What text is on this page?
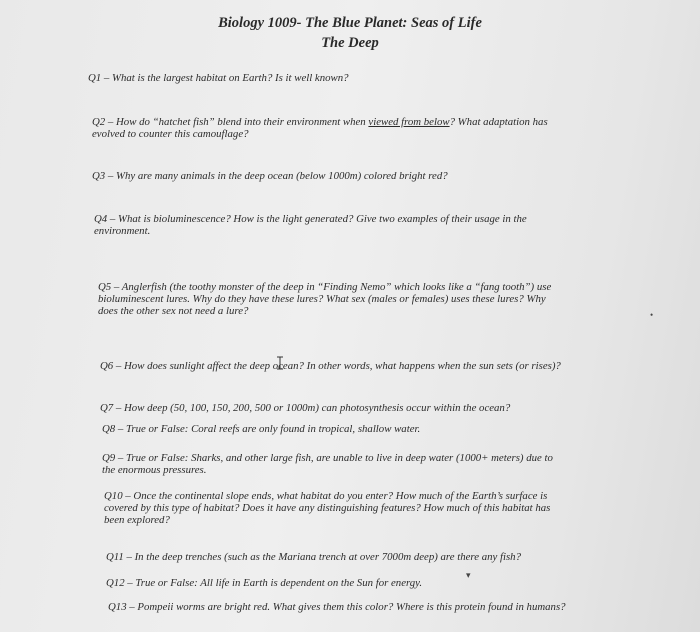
Biology 1009- The Blue Planet: Seas of Life
The Deep
Q1 – What is the largest habitat on Earth? Is it well known?
Q2 – How do “hatchet fish” blend into their environment when viewed from below? What adaptation has
evolved to counter this camouflage?
Q3 – Why are many animals in the deep ocean (below 1000m) colored bright red?
Q4 – What is bioluminescence? How is the light generated? Give two examples of their usage in the
environment.
Q5 – Anglerfish (the toothy monster of the deep in “Finding Nemo” which looks like a “fang tooth”) use
bioluminescent lures. Why do they have these lures? What sex (males or females) uses these lures? Why
does the other sex not need a lure?
Q6 – How does sunlight affect the deep ocean? In other words, what happens when the sun sets (or rises)?
Q7 – How deep (50, 100, 150, 200, 500 or 1000m) can photosynthesis occur within the ocean?
Q8 – True or False: Coral reefs are only found in tropical, shallow water.
Q9 – True or False: Sharks, and other large fish, are unable to live in deep water (1000+ meters) due to
the enormous pressures.
Q10 – Once the continental slope ends, what habitat do you enter? How much of the Earth’s surface is
covered by this type of habitat? Does it have any distinguishing features? How much of this habitat has
been explored?
Q11 – In the deep trenches (such as the Mariana trench at over 7000m deep) are there any fish?
Q12 – True or False: All life in Earth is dependent on the Sun for energy.
▾
Q13 – Pompeii worms are bright red. What gives them this color? Where is this protein found in humans?
•
